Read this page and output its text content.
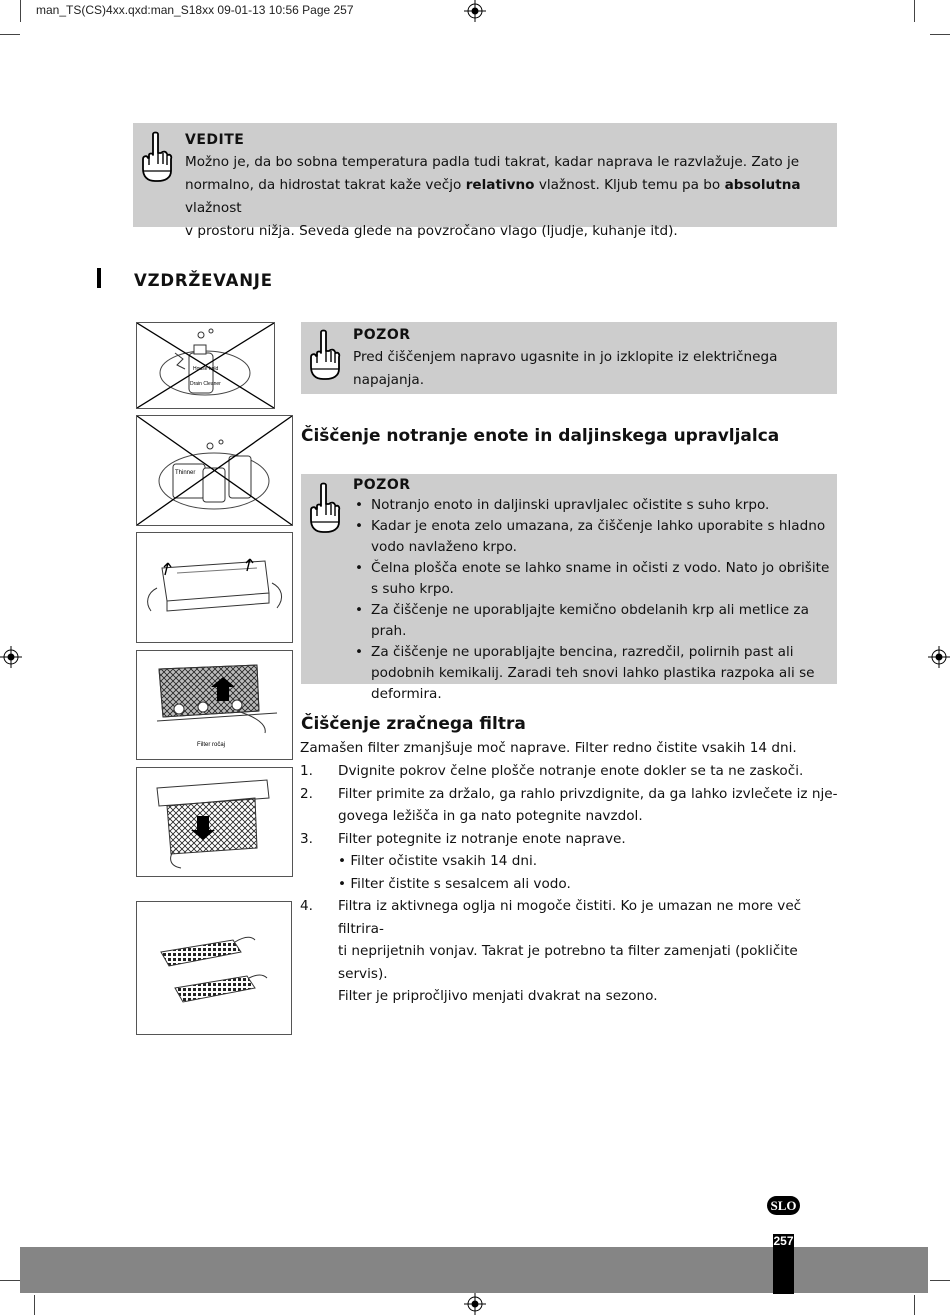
man_TS(CS)4xx.qxd:man_S18xx 09-01-13 10:56 Page 257
VEDITE
Možno je, da bo sobna temperatura padla tudi takrat, kadar naprava le razvlažuje. Zato je
normalno, da hidrostat takrat kaže večjo relativno vlažnost. Kljub temu pa bo absolutna vlažnost
v prostoru nižja. Seveda glede na povzročano vlago (ljudje, kuhanje itd).
VZDRŽEVANJE
House hold
Drain Cleaner
Thinner
Filter ročaj
POZOR
Pred čiščenjem napravo ugasnite in jo izklopite iz električnega
napajanja.
Čiščenje notranje enote in daljinskega upravljalca
POZOR
• Notranjo enoto in daljinski upravljalec očistite s suho krpo.
• Kadar je enota zelo umazana, za čiščenje lahko uporabite s hladno vodo navlaženo krpo.
• Čelna plošča enote se lahko sname in očisti z vodo. Nato jo obrišite s suho krpo.
• Za čiščenje ne uporabljajte kemično obdelanih krp ali metlice za prah.
• Za čiščenje ne uporabljajte bencina, razredčil, polirnih past ali podobnih kemikalij. Zaradi teh snovi lahko plastika razpoka ali se deformira.
Čiščenje zračnega filtra
Zamašen filter zmanjšuje moč naprave. Filter redno čistite vsakih 14 dni.
1. Dvignite pokrov čelne plošče notranje enote dokler se ta ne zaskoči.
2. Filter primite za držalo, ga rahlo privzdignite, da ga lahko izvlečete iz nje-
govega ležišča in ga nato potegnite navzdol.
3. Filter potegnite iz notranje enote naprave.
• Filter očistite vsakih 14 dni.
• Filter čistite s sesalcem ali vodo.
4. Filtra iz aktivnega oglja ni mogoče čistiti. Ko je umazan ne more več filtrira-
ti neprijetnih vonjav. Takrat je potrebno ta filter zamenjati (pokličite servis).
Filter je pripročljivo menjati dvakrat na sezono.
SLO
257
